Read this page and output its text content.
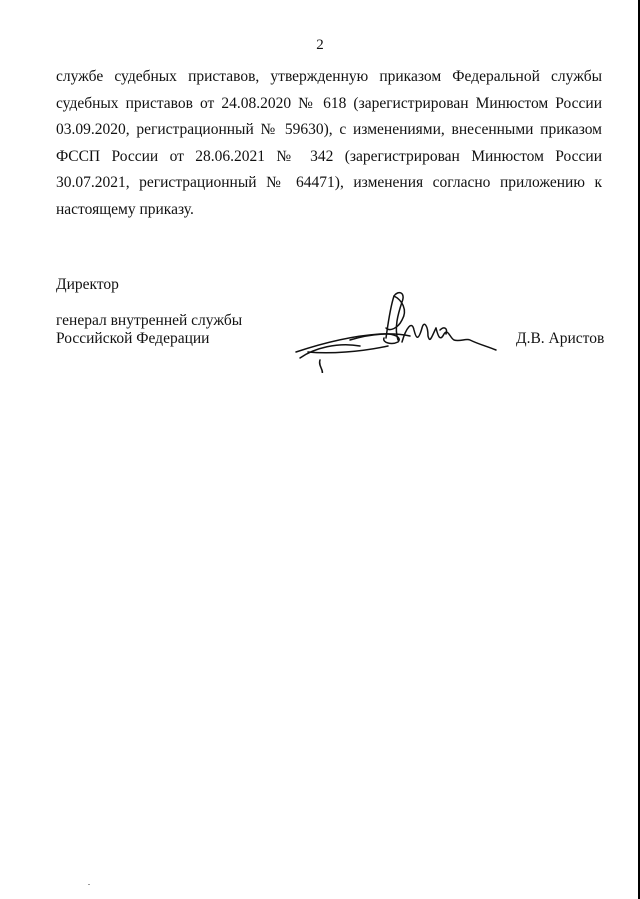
2

службе судебных приставов, утвержденную приказом Федеральной службы судебных приставов от 24.08.2020 № 618 (зарегистрирован Минюстом России 03.09.2020, регистрационный № 59630), с изменениями, внесенными приказом ФССП России от 28.06.2021 № 342 (зарегистрирован Минюстом России 30.07.2021, регистрационный № 64471), изменения согласно приложению к настоящему приказу.

Директор
генерал внутренней службы
Российской Федерации	Д.В. Аристов
